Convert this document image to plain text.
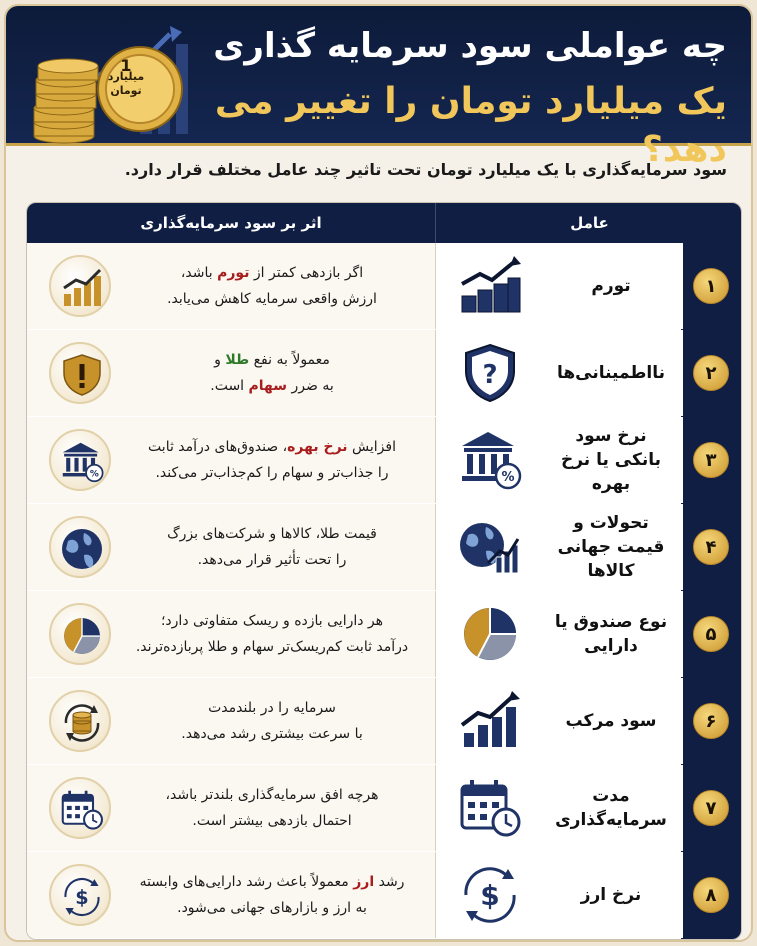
1
میلیارد تومان
چه عواملی سود سرمایه گذاری
یک میلیارد تومان را تغییر می دهد؟
سود سرمایه‌گذاری با یک میلیارد تومان تحت تاثیر چند عامل مختلف قرار دارد.
عامل
اثر بر سود سرمایه‌گذاری
۱
تورم
اگر بازدهی کمتر از تورم باشد،
ارزش واقعی سرمایه کاهش می‌یابد.
۲
نااطمینانی‌ها
?
معمولاً به نفع طلا و
به ضرر سهام است.
۳
نرخ سود بانکی یا نرخ بهره
%
افزایش نرخ بهره، صندوق‌های درآمد ثابت
را جذاب‌تر و سهام را کم‌جذاب‌تر می‌کند.
%
۴
تحولات و قیمت جهانی کالاها
قیمت طلا، کالاها و شرکت‌های بزرگ
را تحت تأثیر قرار می‌دهد.
۵
نوع صندوق یا دارایی
هر دارایی بازده و ریسک متفاوتی دارد؛
درآمد ثابت کم‌ریسک‌تر سهام و طلا پربازده‌ترند.
۶
سود مرکب
سرمایه را در بلندمدت
با سرعت بیشتری رشد می‌دهد.
۷
مدت سرمایه‌گذاری
هرچه افق سرمایه‌گذاری بلندتر باشد،
احتمال بازدهی بیشتر است.
۸
نرخ ارز
$
رشد ارز معمولاً باعث رشد دارایی‌های وابسته
به ارز و بازارهای جهانی می‌شود.
$
